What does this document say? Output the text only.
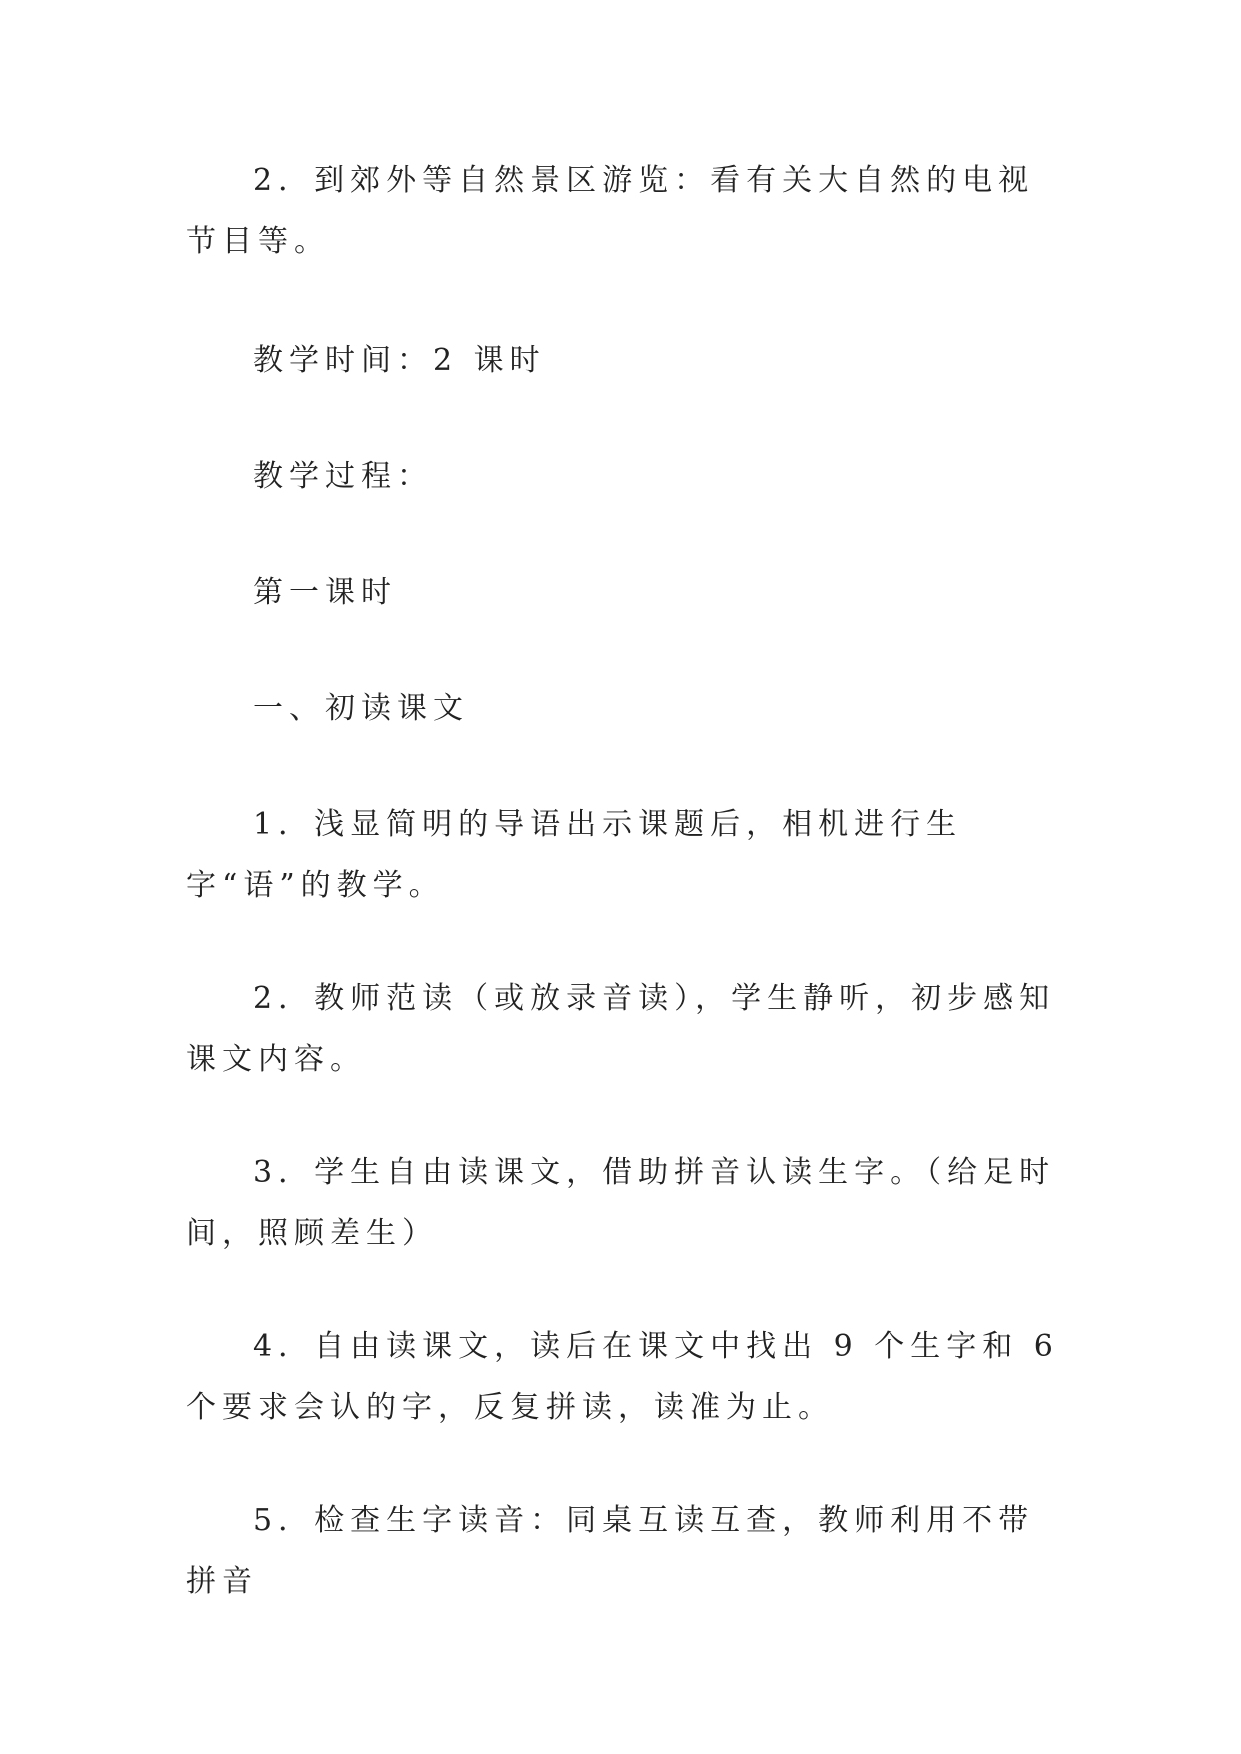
2．到郊外等自然景区游览：看有关大自然的电视节目等。

教学时间：2 课时

教学过程：

第一课时

一、初读课文

1．浅显简明的导语出示课题后，相机进行生字“语”的教学。

2．教师范读（或放录音读），学生静听，初步感知课文内容。

3．学生自由读课文，借助拼音认读生字。（给足时间，照顾差生）

4．自由读课文，读后在课文中找出 9 个生字和 6 个要求会认的字，反复拼读，读准为止。

5．检查生字读音：同桌互读互查，教师利用不带拼音
